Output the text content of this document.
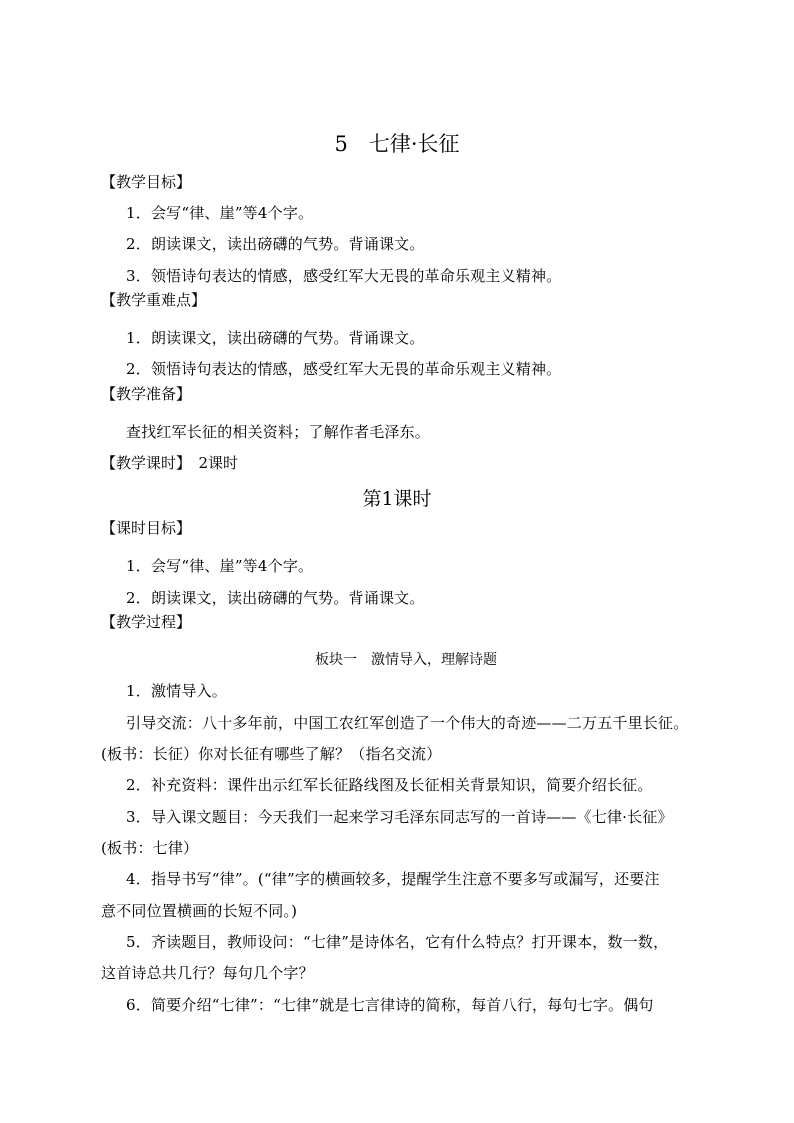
5　七律·长征
【教学目标】
1．会写“律、崖”等4个字。
2．朗读课文，读出磅礴的气势。背诵课文。
3．领悟诗句表达的情感，感受红军大无畏的革命乐观主义精神。
【教学重难点】
1．朗读课文，读出磅礴的气势。背诵课文。
2．领悟诗句表达的情感，感受红军大无畏的革命乐观主义精神。
【教学准备】
查找红军长征的相关资料；了解作者毛泽东。
【教学课时】　2课时
第1课时
【课时目标】
1．会写“律、崖”等4个字。
2．朗读课文，读出磅礴的气势。背诵课文。
【教学过程】
板块一　激情导入，理解诗题
1．激情导入。
引导交流：八十多年前，中国工农红军创造了一个伟大的奇迹——二万五千里长征。
(板书：长征）你对长征有哪些了解？（指名交流）
2．补充资料：课件出示红军长征路线图及长征相关背景知识，简要介绍长征。
3．导入课文题目：今天我们一起来学习毛泽东同志写的一首诗——《七律·长征》
(板书：七律）
4．指导书写“律”。(“律”字的横画较多，提醒学生注意不要多写或漏写，还要注
意不同位置横画的长短不同。)
5．齐读题目，教师设问：“七律”是诗体名，它有什么特点？打开课本，数一数，
这首诗总共几行？每句几个字？
6．简要介绍“七律”：“七律”就是七言律诗的简称，每首八行，每句七字。偶句
